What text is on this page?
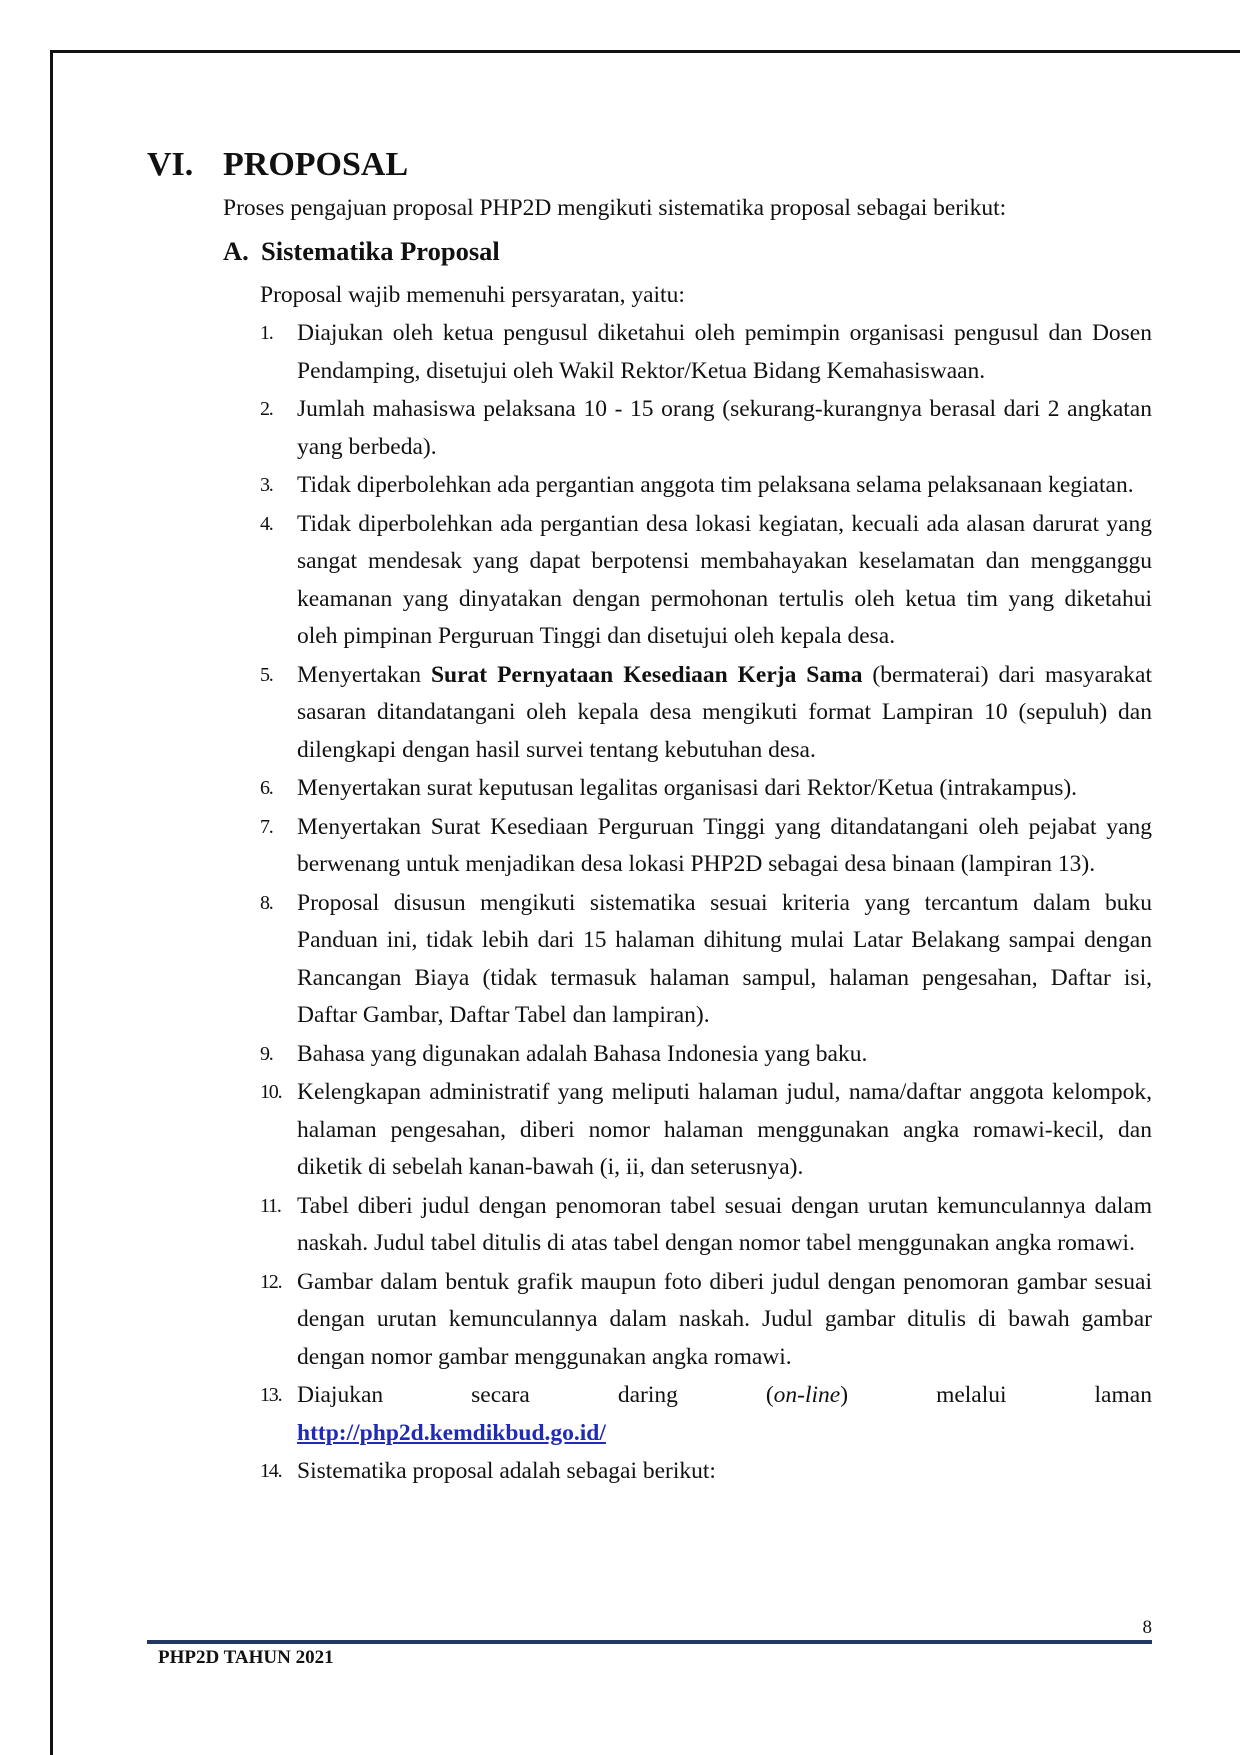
VI. PROPOSAL

Proses pengajuan proposal PHP2D mengikuti sistematika proposal sebagai berikut:

A. Sistematika Proposal

Proposal wajib memenuhi persyaratan, yaitu:

1. Diajukan oleh ketua pengusul diketahui oleh pemimpin organisasi pengusul dan Dosen Pendamping, disetujui oleh Wakil Rektor/Ketua Bidang Kemahasiswaan.
2. Jumlah mahasiswa pelaksana 10 - 15 orang (sekurang-kurangnya berasal dari 2 angkatan yang berbeda).
3. Tidak diperbolehkan ada pergantian anggota tim pelaksana selama pelaksanaan kegiatan.
4. Tidak diperbolehkan ada pergantian desa lokasi kegiatan, kecuali ada alasan darurat yang sangat mendesak yang dapat berpotensi membahayakan keselamatan dan mengganggu keamanan yang dinyatakan dengan permohonan tertulis oleh ketua tim yang diketahui oleh pimpinan Perguruan Tinggi dan disetujui oleh kepala desa.
5. Menyertakan Surat Pernyataan Kesediaan Kerja Sama (bermaterai) dari masyarakat sasaran ditandatangani oleh kepala desa mengikuti format Lampiran 10 (sepuluh) dan dilengkapi dengan hasil survei tentang kebutuhan desa.
6. Menyertakan surat keputusan legalitas organisasi dari Rektor/Ketua (intrakampus).
7. Menyertakan Surat Kesediaan Perguruan Tinggi yang ditandatangani oleh pejabat yang berwenang untuk menjadikan desa lokasi PHP2D sebagai desa binaan (lampiran 13).
8. Proposal disusun mengikuti sistematika sesuai kriteria yang tercantum dalam buku Panduan ini, tidak lebih dari 15 halaman dihitung mulai Latar Belakang sampai dengan Rancangan Biaya (tidak termasuk halaman sampul, halaman pengesahan, Daftar isi, Daftar Gambar, Daftar Tabel dan lampiran).
9. Bahasa yang digunakan adalah Bahasa Indonesia yang baku.
10. Kelengkapan administratif yang meliputi halaman judul, nama/daftar anggota kelompok, halaman pengesahan, diberi nomor halaman menggunakan angka romawi-kecil, dan diketik di sebelah kanan-bawah (i, ii, dan seterusnya).
11. Tabel diberi judul dengan penomoran tabel sesuai dengan urutan kemunculannya dalam naskah. Judul tabel ditulis di atas tabel dengan nomor tabel menggunakan angka romawi.
12. Gambar dalam bentuk grafik maupun foto diberi judul dengan penomoran gambar sesuai dengan urutan kemunculannya dalam naskah. Judul gambar ditulis di bawah gambar dengan nomor gambar menggunakan angka romawi.
13. Diajukan	secara	daring	(on-line)	melalui	laman
http://php2d.kemdikbud.go.id/
14. Sistematika proposal adalah sebagai berikut:
8
PHP2D TAHUN 2021
